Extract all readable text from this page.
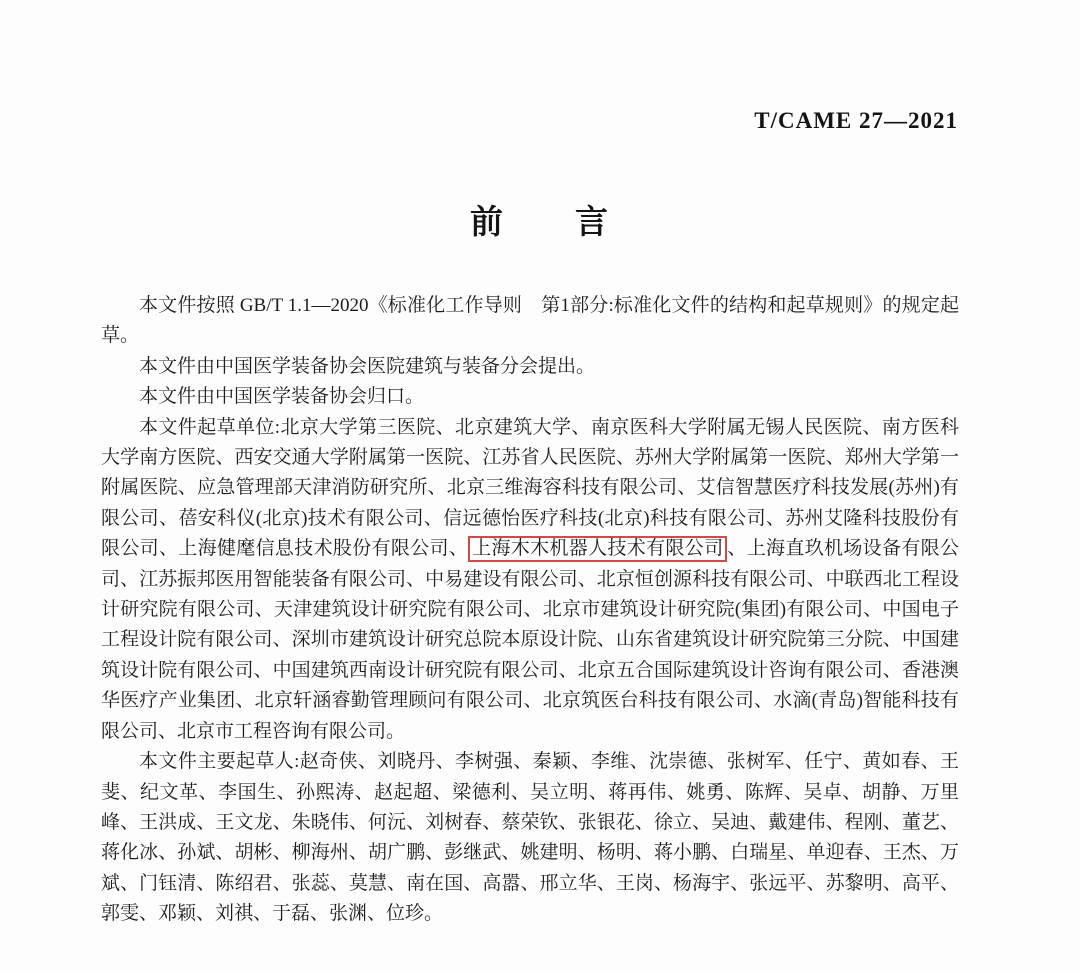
T/CAME 27—2021
前　　言

本文件按照 GB/T 1.1—2020《标准化工作导则　第1部分:标准化文件的结构和起草规则》的规定起草。

本文件由中国医学装备协会医院建筑与装备分会提出。

本文件由中国医学装备协会归口。

本文件起草单位:北京大学第三医院、北京建筑大学、南京医科大学附属无锡人民医院、南方医科大学南方医院、西安交通大学附属第一医院、江苏省人民医院、苏州大学附属第一医院、郑州大学第一附属医院、应急管理部天津消防研究所、北京三维海容科技有限公司、艾信智慧医疗科技发展(苏州)有限公司、蓓安科仪(北京)技术有限公司、信远德怡医疗科技(北京)科技有限公司、苏州艾隆科技股份有限公司、上海健麾信息技术股份有限公司、 上海木木机器人技术有限公司 、上海直玖机场设备有限公司、江苏振邦医用智能装备有限公司、中易建设有限公司、北京恒创源科技有限公司、中联西北工程设计研究院有限公司、天津建筑设计研究院有限公司、北京市建筑设计研究院(集团)有限公司、中国电子工程设计院有限公司、深圳市建筑设计研究总院本原设计院、山东省建筑设计研究院第三分院、中国建筑设计院有限公司、中国建筑西南设计研究院有限公司、北京五合国际建筑设计咨询有限公司、香港澳华医疗产业集团、北京轩涵睿勤管理顾问有限公司、北京筑医台科技有限公司、水滴(青岛)智能科技有限公司、北京市工程咨询有限公司。

本文件主要起草人:赵奇侠、刘晓丹、李树强、秦颖、李维、沈崇德、张树军、任宁、黄如春、王斐、纪文革、李国生、孙熙涛、赵起超、梁德利、吴立明、蒋再伟、姚勇、陈辉、吴卓、胡静、万里峰、王洪成、王文龙、朱晓伟、何沅、刘树春、蔡荣钦、张银花、徐立、吴迪、戴建伟、程刚、董艺、蒋化冰、孙斌、胡彬、柳海州、胡广鹏、彭继武、姚建明、杨明、蒋小鹏、白瑞星、单迎春、王杰、万斌、门钰清、陈绍君、张蕊、莫慧、南在国、高嚣、邢立华、王岗、杨海宇、张远平、苏黎明、高平、郭雯、邓颖、刘祺、于磊、张渊、位珍。
